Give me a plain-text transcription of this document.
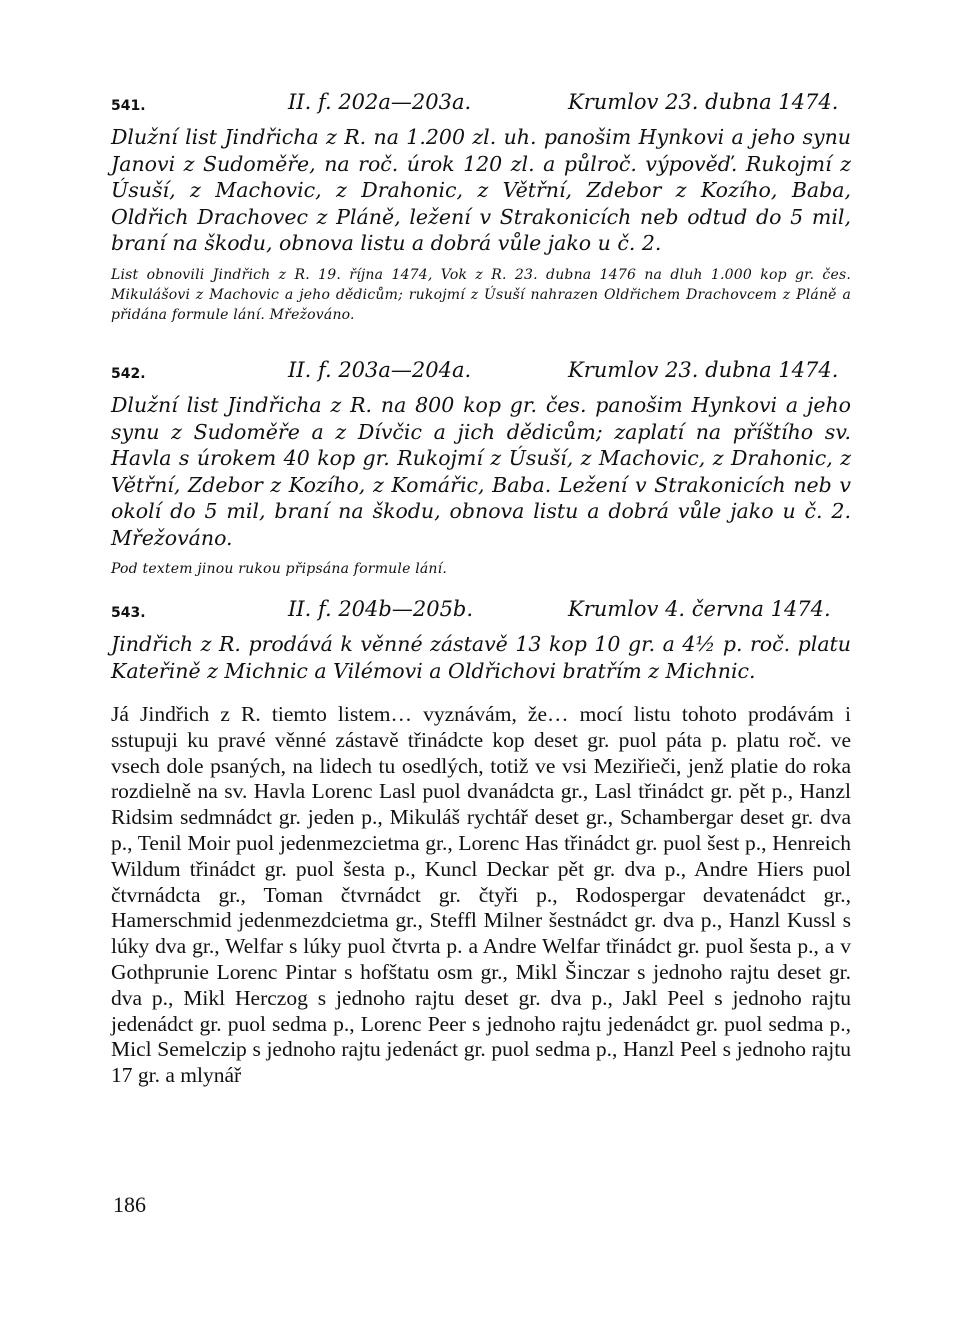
541.	II. f. 202a—203a.	Krumlov 23. dubna 1474.

Dlužní list Jindřicha z R. na 1.200 zl. uh. panošim Hynkovi a jeho synu Janovi z Sudoměře, na roč. úrok 120 zl. a půlroč. výpověď. Rukojmí z Úsuší, z Machovic, z Drahonic, z Větřní, Zdebor z Kozího, Baba, Oldřich Drachovec z Pláně, ležení v Strakonicích neb odtud do 5 mil, braní na škodu, obnova listu a dobrá vůle jako u č. 2.

List obnovili Jindřich z R. 19. října 1474, Vok z R. 23. dubna 1476 na dluh 1.000 kop gr. čes. Mikulášovi z Machovic a jeho dědicům; rukojmí z Úsuší nahrazen Oldřichem Drachovcem z Pláně a přidána formule lání. Mřežováno.

542.	II. f. 203a—204a.	Krumlov 23. dubna 1474.

Dlužní list Jindřicha z R. na 800 kop gr. čes. panošim Hynkovi a jeho synu z Sudoměře a z Dívčic a jich dědicům; zaplatí na příštího sv. Havla s úrokem 40 kop gr. Rukojmí z Úsuší, z Machovic, z Drahonic, z Větřní, Zdebor z Kozího, z Komářic, Baba. Ležení v Strakonicích neb v okolí do 5 mil, braní na škodu, obnova listu a dobrá vůle jako u č. 2. Mřežováno.

Pod textem jinou rukou připsána formule lání.

543.	II. f. 204b—205b.	Krumlov 4. června 1474.

Jindřich z R. prodává k věnné zástavě 13 kop 10 gr. a 4½ p. roč. platu Kateřině z Michnic a Vilémovi a Oldřichovi bratřím z Michnic.

Já Jindřich z R. tiemto listem… vyznávám, že… mocí listu tohoto prodávám i sstupuji ku pravé věnné zástavě třinádcte kop deset gr. puol páta p. platu roč. ve vsech dole psaných, na lidech tu osedlých, totiž ve vsi Meziřieči, jenž platie do roka rozdielně na sv. Havla Lorenc Lasl puol dvanádcta gr., Lasl třinádct gr. pět p., Hanzl Ridsim sedmnádct gr. jeden p., Mikuláš rychtář deset gr., Schambergar deset gr. dva p., Tenil Moir puol jedenmezcietma gr., Lorenc Has třinádct gr. puol šest p., Henreich Wildum třinádct gr. puol šesta p., Kuncl Deckar pět gr. dva p., Andre Hiers puol čtvrnádcta gr., Toman čtvrnádct gr. čtyři p., Rodospergar devatenádct gr., Hamerschmid jedenmezdcietma gr., Steffl Milner šestnádct gr. dva p., Hanzl Kussl s lúky dva gr., Welfar s lúky puol čtvrta p. a Andre Welfar třinádct gr. puol šesta p., a v Gothprunie Lorenc Pintar s hofštatu osm gr., Mikl Šinczar s jednoho rajtu deset gr. dva p., Mikl Herczog s jednoho rajtu deset gr. dva p., Jakl Peel s jednoho rajtu jedenádct gr. puol sedma p., Lorenc Peer s jednoho rajtu jedenádct gr. puol sedma p., Micl Semelczip s jednoho rajtu jedenáct gr. puol sedma p., Hanzl Peel s jednoho rajtu 17 gr. a mlynář

186
